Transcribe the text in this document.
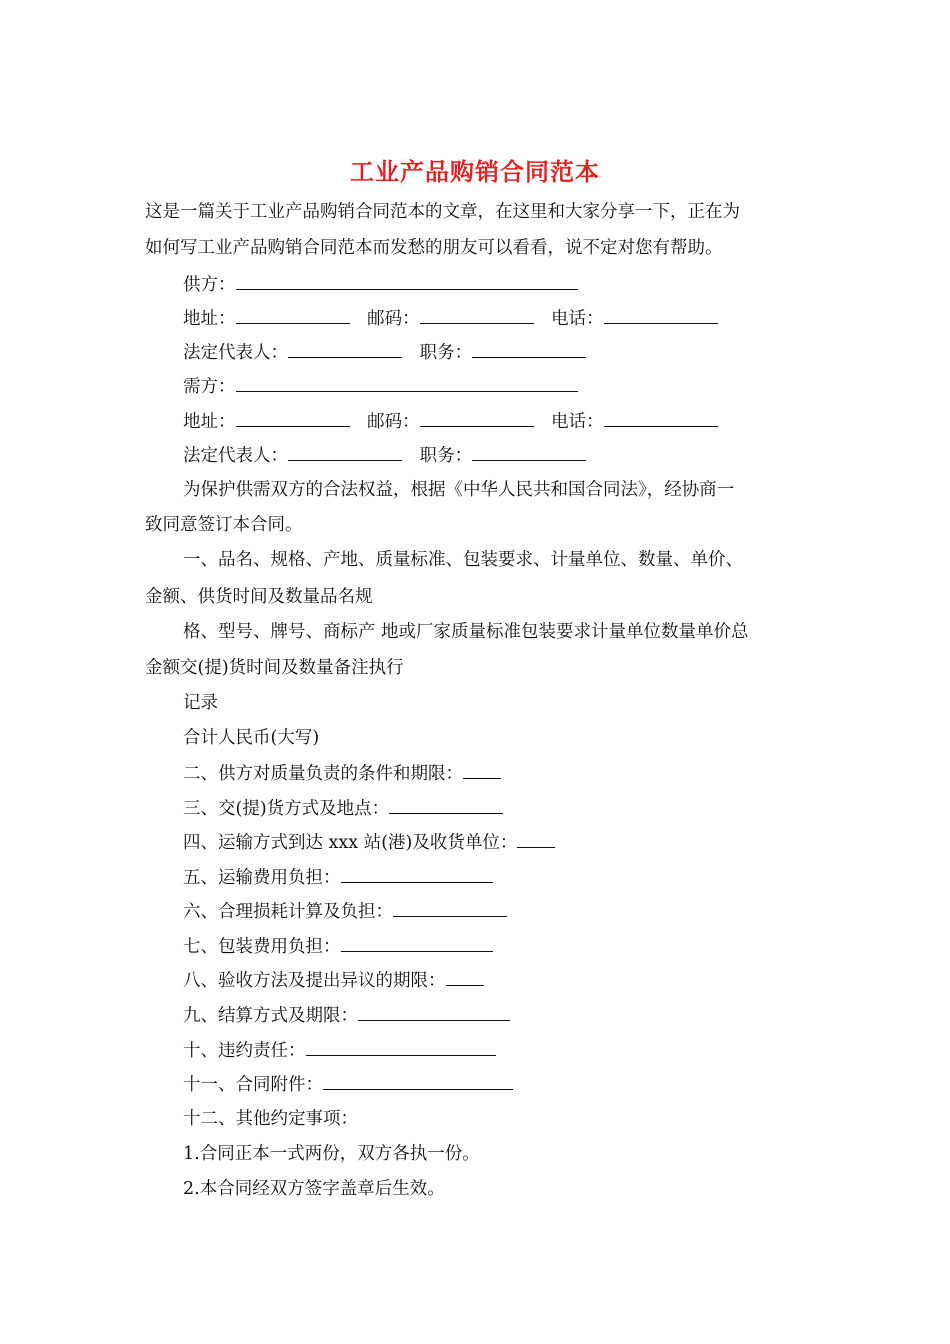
工业产品购销合同范本
这是一篇关于工业产品购销合同范本的文章，在这里和大家分享一下，正在为
如何写工业产品购销合同范本而发愁的朋友可以看看，说不定对您有帮助。
供方：
地址：	邮码：	电话：
法定代表人：	职务：
需方：
地址：	邮码：	电话：
法定代表人：	职务：
为保护供需双方的合法权益，根据《中华人民共和国合同法》，经协商一
致同意签订本合同。
一、品名、规格、产地、质量标准、包装要求、计量单位、数量、单价、
金额、供货时间及数量品名规
格、型号、牌号、商标产 地或厂家质量标准包装要求计量单位数量单价总
金额交(提)货时间及数量备注执行
记录
合计人民币(大写)
二、供方对质量负责的条件和期限：
三、交(提)货方式及地点：
四、运输方式到达 xxx 站(港)及收货单位：
五、运输费用负担：
六、合理损耗计算及负担：
七、包装费用负担：
八、验收方法及提出异议的期限：
九、结算方式及期限：
十、违约责任：
十一、合同附件：
十二、其他约定事项：
1.合同正本一式两份，双方各执一份。
2.本合同经双方签字盖章后生效。
